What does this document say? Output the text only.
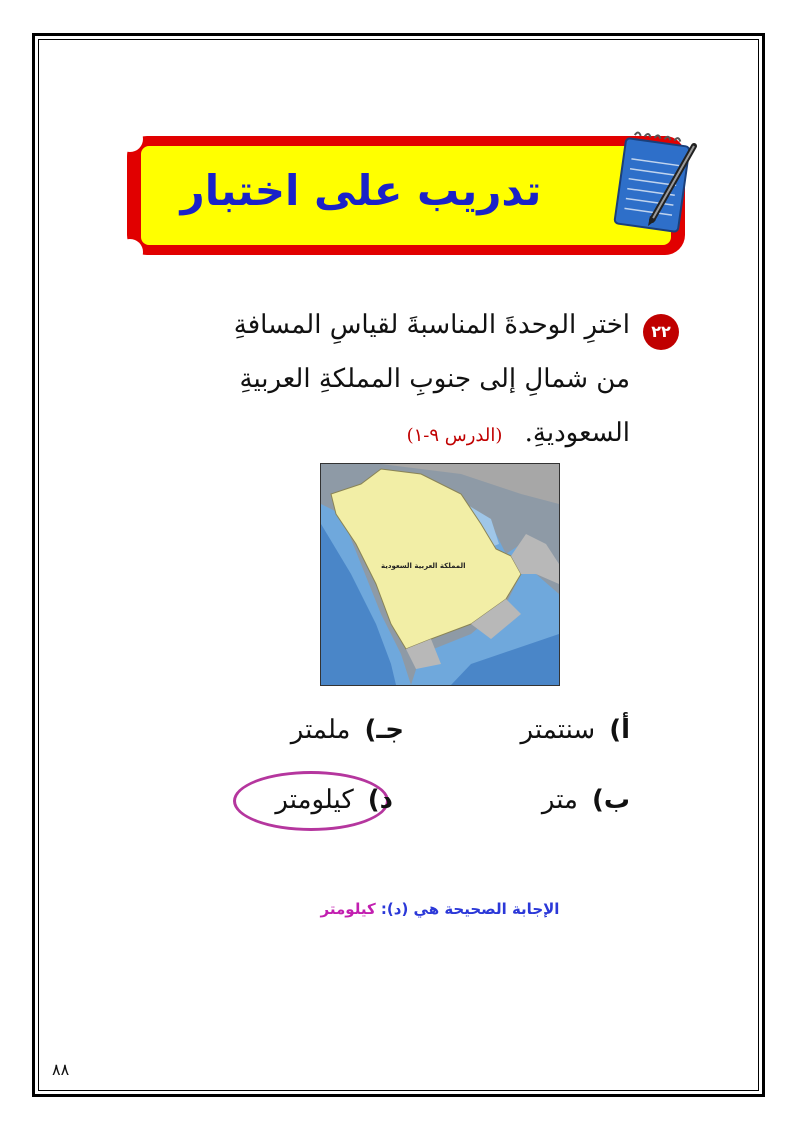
تدريب على اختبار
٢٢
اخترِ الوحدةَ المناسبةَ لقياسِ المسافةِ
من شمالِ إلى جنوبِ المملكةِ العربيةِ
السعوديةِ. (الدرس ٩-١)
المملكة العربية السعودية
أ)سنتمتر
جـ)ملمتر
ب)متر
د)كيلومتر
الإجابة الصحيحة هي (د): كيلومتر
٨٨
